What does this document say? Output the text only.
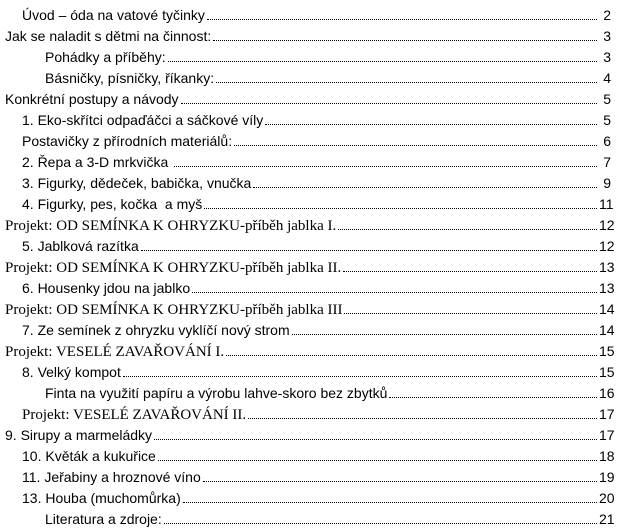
Úvod – óda na vatové tyčinky	2
Jak se naladit s dětmi na činnost:	3
Pohádky a příběhy:	3
Básničky, písničky, říkanky:	4
Konkrétní postupy a návody	5
1. Eko-skřítci odpaďáčci a sáčkové víly	5
Postavičky z přírodních materiálů:	6
2. Řepa a 3-D mrkvička	7
3. Figurky, dědeček, babička, vnučka	9
4. Figurky, pes, kočka  a myš	11
Projekt: OD SEMÍNKA K OHRYZKU-příběh jablka I.	12
5. Jablková razítka	12
Projekt: OD SEMÍNKA K OHRYZKU-příběh jablka II.	13
6. Housenky jdou na jablko	13
Projekt: OD SEMÍNKA K OHRYZKU-příběh jablka III	14
7. Ze semínek z ohryzku vyklíčí nový strom	14
Projekt: VESELÉ ZAVAŘOVÁNÍ I.	15
8. Velký kompot	15
Finta na využití papíru a výrobu lahve-skoro bez zbytků	16
Projekt: VESELÉ ZAVAŘOVÁNÍ II.	17
9. Sirupy a marmeládky	17
10. Květák a kukuřice	18
11. Jeřabiny a hroznové víno	19
13. Houba (muchomůrka)	20
Literatura a zdroje:	21
